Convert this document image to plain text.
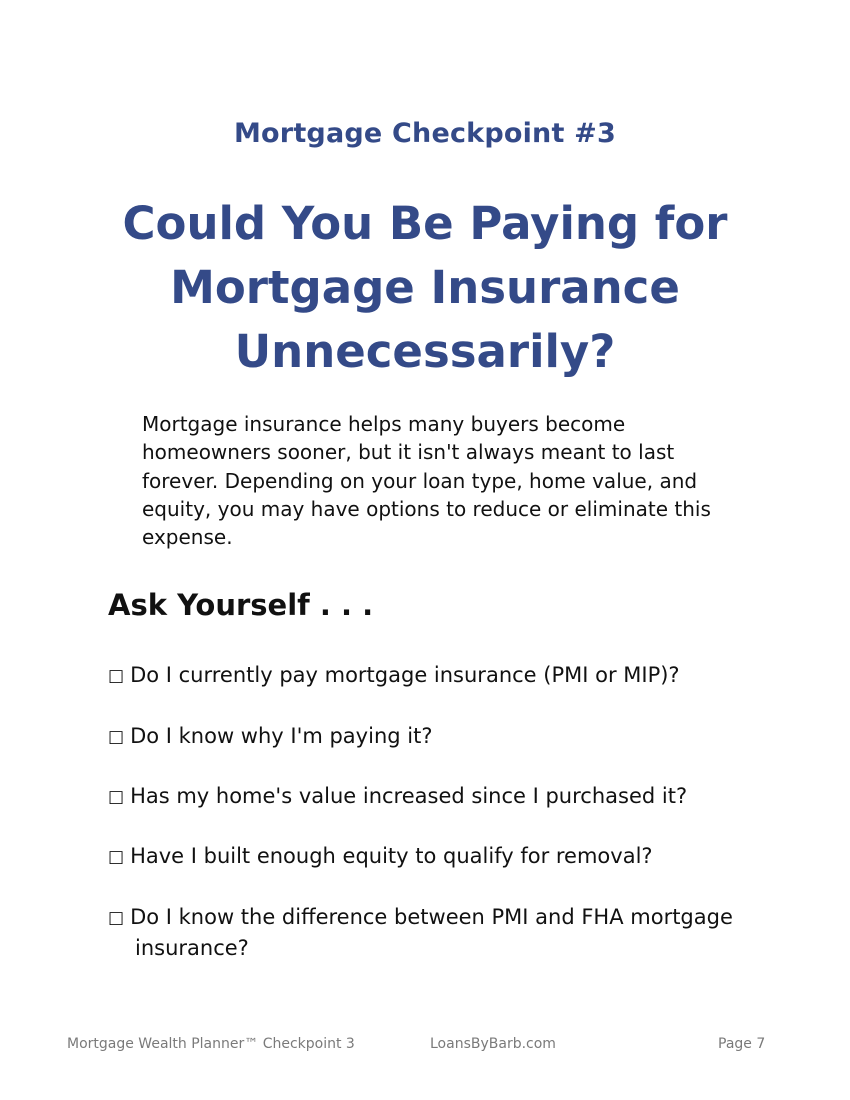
Mortgage Checkpoint #3
Could You Be Paying for
Mortgage Insurance
Unnecessarily?
Mortgage insurance helps many buyers become
homeowners sooner, but it isn't always meant to last
forever. Depending on your loan type, home value, and
equity, you may have options to reduce or eliminate this
expense.
Ask Yourself . . .
□ Do I currently pay mortgage insurance (PMI or MIP)?
□ Do I know why I'm paying it?
□ Has my home's value increased since I purchased it?
□ Have I built enough equity to qualify for removal?
□ Do I know the difference between PMI and FHA mortgage
insurance?
Mortgage Wealth Planner™ Checkpoint 3	LoansByBarb.com	Page 7
